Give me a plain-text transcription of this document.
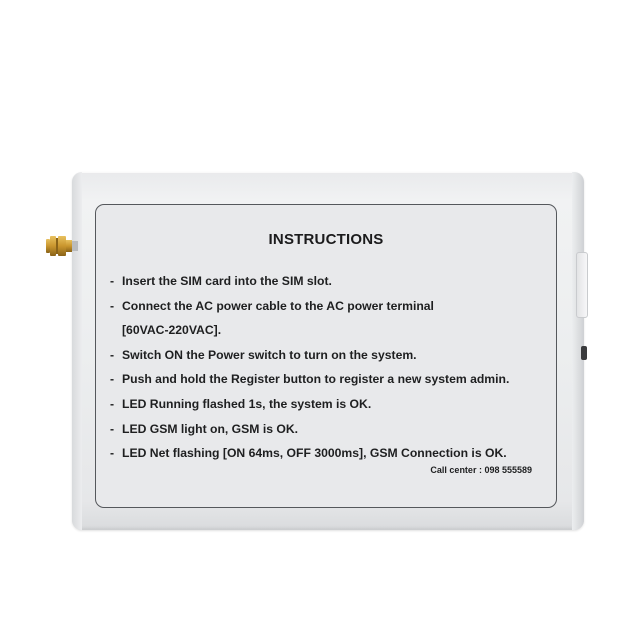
INSTRUCTIONS
- Insert the SIM card into the SIM slot.
- Connect the AC power cable to the AC power terminal
[60VAC-220VAC].
- Switch ON the Power switch to turn on the system.
- Push and hold the Register button to register a new system admin.
- LED Running flashed 1s, the system is OK.
- LED GSM light on, GSM is OK.
- LED Net flashing [ON 64ms, OFF 3000ms], GSM Connection is OK.
Call center : 098 555589
